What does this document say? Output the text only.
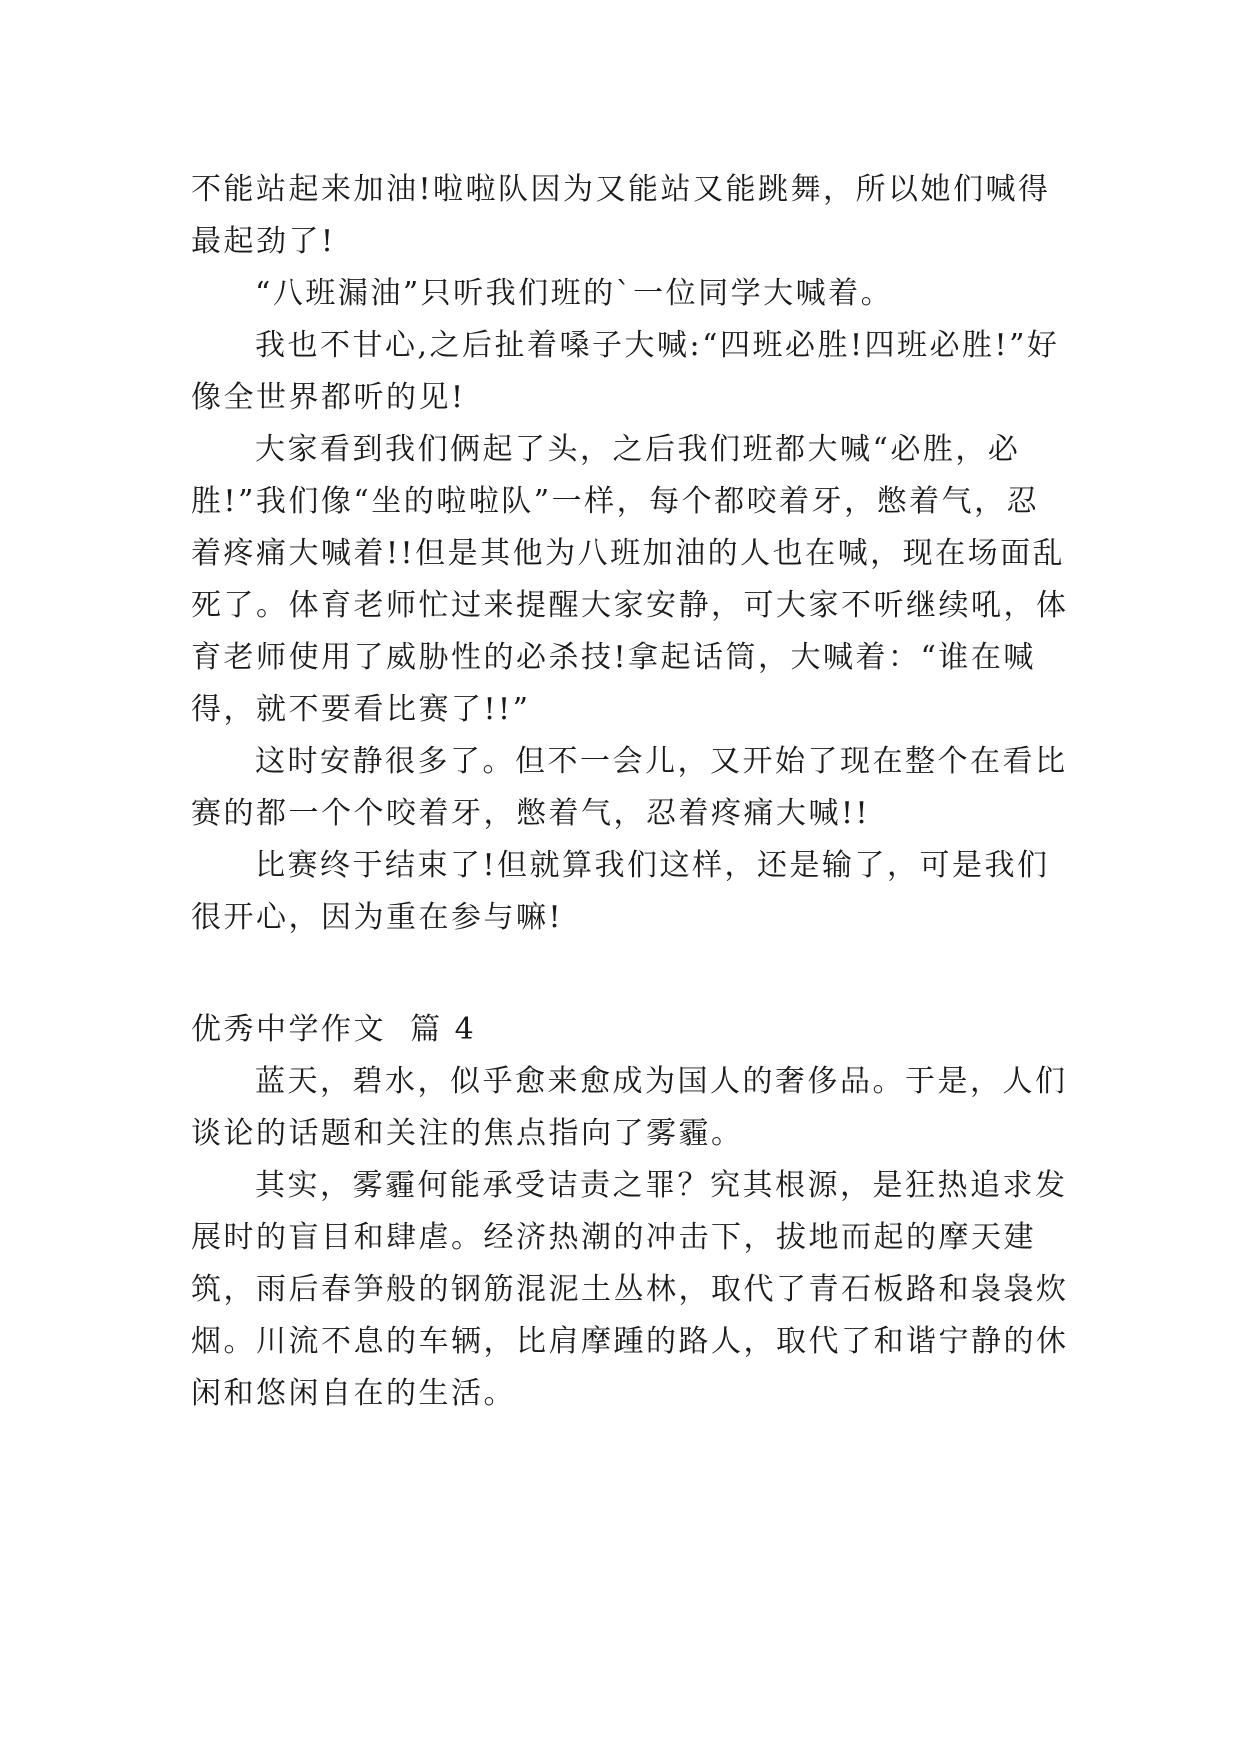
不能站起来加油!啦啦队因为又能站又能跳舞，所以她们喊得最起劲了!

“八班漏油”只听我们班的`一位同学大喊着。

我也不甘心,之后扯着嗓子大喊:“四班必胜!四班必胜!”好像全世界都听的见!

大家看到我们俩起了头，之后我们班都大喊“必胜，必胜!”我们像“坐的啦啦队”一样，每个都咬着牙，憋着气，忍着疼痛大喊着!!但是其他为八班加油的人也在喊，现在场面乱死了。体育老师忙过来提醒大家安静，可大家不听继续吼，体育老师使用了威胁性的必杀技!拿起话筒，大喊着：“谁在喊得，就不要看比赛了!!”

这时安静很多了。但不一会儿，又开始了现在整个在看比赛的都一个个咬着牙，憋着气，忍着疼痛大喊!!

比赛终于结束了!但就算我们这样，还是输了，可是我们很开心，因为重在参与嘛!

优秀中学作文  篇 4

蓝天，碧水，似乎愈来愈成为国人的奢侈品。于是，人们谈论的话题和关注的焦点指向了雾霾。

其实，雾霾何能承受诘责之罪？究其根源，是狂热追求发展时的盲目和肆虐。经济热潮的冲击下，拔地而起的摩天建筑，雨后春笋般的钢筋混泥土丛林，取代了青石板路和袅袅炊烟。川流不息的车辆，比肩摩踵的路人，取代了和谐宁静的休闲和悠闲自在的生活。
